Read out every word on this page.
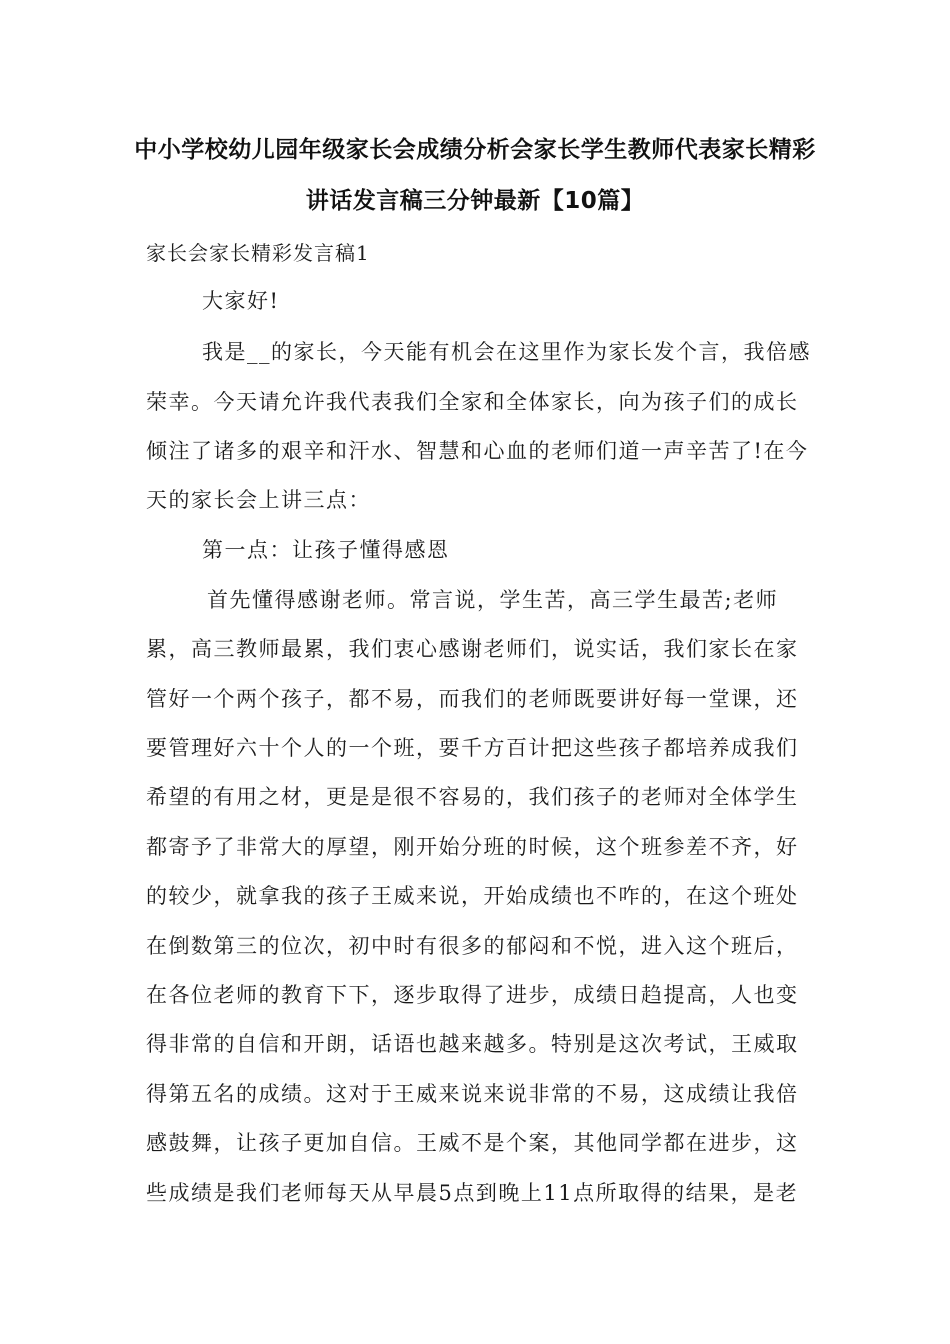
中小学校幼儿园年级家长会成绩分析会家长学生教师代表家长精彩
讲话发言稿三分钟最新【10篇】
家长会家长精彩发言稿1
大家好!
我是__的家长，今天能有机会在这里作为家长发个言，我倍感
荣幸。今天请允许我代表我们全家和全体家长，向为孩子们的成长
倾注了诸多的艰辛和汗水、智慧和心血的老师们道一声辛苦了!在今
天的家长会上讲三点：
第一点：让孩子懂得感恩
首先懂得感谢老师。常言说，学生苦，高三学生最苦;老师
累，高三教师最累，我们衷心感谢老师们，说实话，我们家长在家
管好一个两个孩子，都不易，而我们的老师既要讲好每一堂课，还
要管理好六十个人的一个班，要千方百计把这些孩子都培养成我们
希望的有用之材，更是是很不容易的，我们孩子的老师对全体学生
都寄予了非常大的厚望，刚开始分班的时候，这个班参差不齐，好
的较少，就拿我的孩子王威来说，开始成绩也不咋的，在这个班处
在倒数第三的位次，初中时有很多的郁闷和不悦，进入这个班后，
在各位老师的教育下下，逐步取得了进步，成绩日趋提高，人也变
得非常的自信和开朗，话语也越来越多。特别是这次考试，王威取
得第五名的成绩。这对于王威来说来说非常的不易，这成绩让我倍
感鼓舞，让孩子更加自信。王威不是个案，其他同学都在进步，这
些成绩是我们老师每天从早晨5点到晚上11点所取得的结果，是老
